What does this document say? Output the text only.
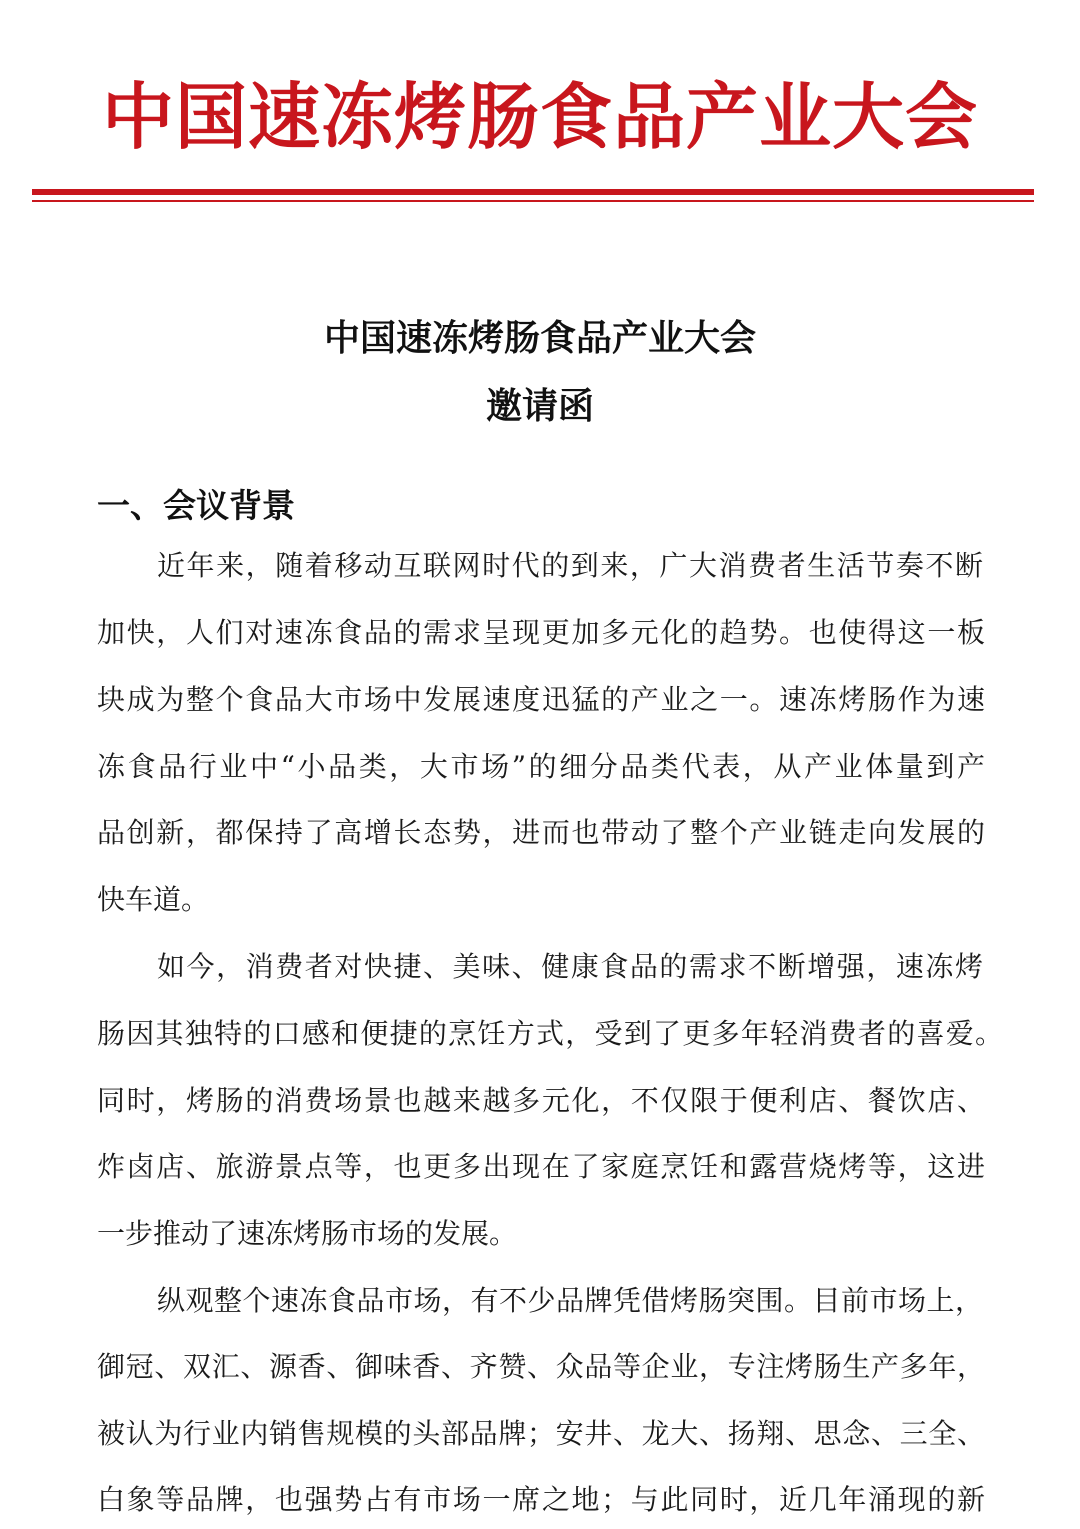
中国速冻烤肠食品产业大会
中国速冻烤肠食品产业大会
邀请函
一、会议背景
近年来，随着移动互联网时代的到来，广大消费者生活节奏不断
加快，人们对速冻食品的需求呈现更加多元化的趋势。也使得这一板
块成为整个食品大市场中发展速度迅猛的产业之一。速冻烤肠作为速
冻食品行业中“小品类，大市场”的细分品类代表，从产业体量到产
品创新，都保持了高增长态势，进而也带动了整个产业链走向发展的
快车道。
如今，消费者对快捷、美味、健康食品的需求不断增强，速冻烤
肠因其独特的口感和便捷的烹饪方式，受到了更多年轻消费者的喜爱。
同时，烤肠的消费场景也越来越多元化，不仅限于便利店、餐饮店、
炸卤店、旅游景点等，也更多出现在了家庭烹饪和露营烧烤等，这进
一步推动了速冻烤肠市场的发展。
纵观整个速冻食品市场，有不少品牌凭借烤肠突围。目前市场上，
御冠、双汇、源香、御味香、齐赞、众品等企业，专注烤肠生产多年，
被认为行业内销售规模的头部品牌；安井、龙大、扬翔、思念、三全、
白象等品牌，也强势占有市场一席之地；与此同时，近几年涌现的新
